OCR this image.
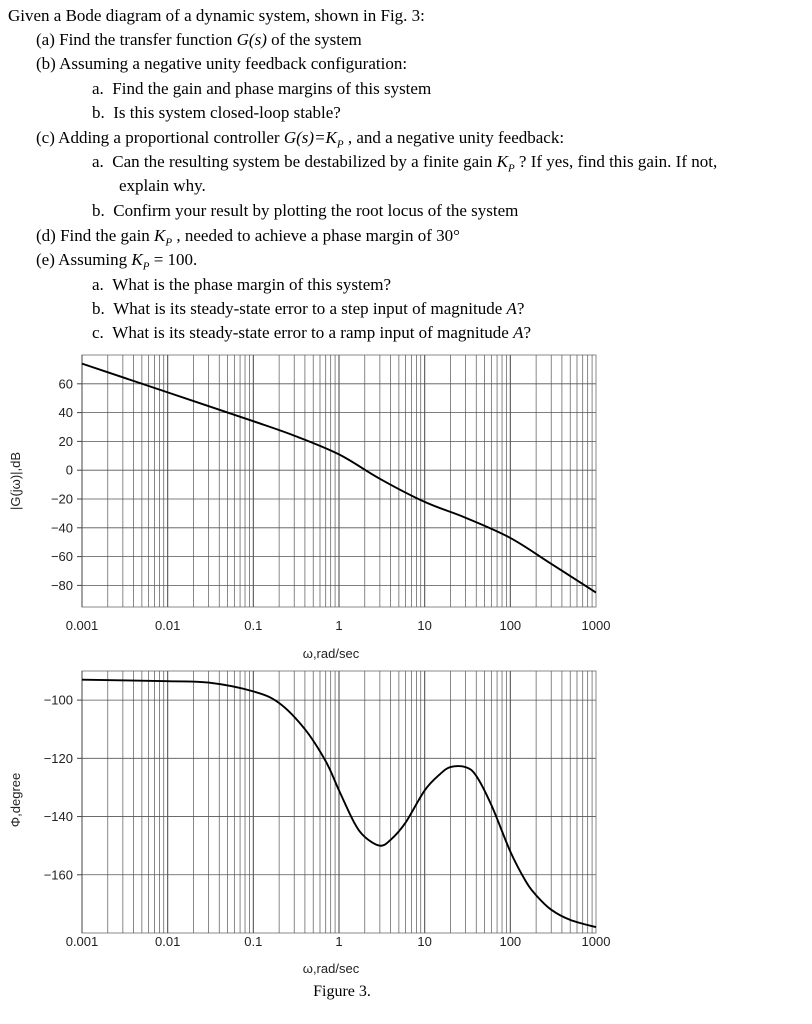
Given a Bode diagram of a dynamic system, shown in Fig. 3:
(a) Find the transfer function G(s) of the system
(b) Assuming a negative unity feedback configuration:
a. Find the gain and phase margins of this system
b. Is this system closed-loop stable?
(c) Adding a proportional controller $G(s)=K_P$ , and a negative unity feedback:
a. Can the resulting system be destabilized by a finite gain $K_P$ ? If yes, find this gain. If not,
explain why.
b. Confirm your result by plotting the root locus of the system
(d) Find the gain $K_P$ , needed to achieve a phase margin of 30°
(e) Assuming $K_P = 100$.
a. What is the phase margin of this system?
b. What is its steady-state error to a step input of magnitude A?
c. What is its steady-state error to a ramp input of magnitude A?
60
40
20
0
−20
−40
−60
−80
0.001	0.01	0.1	1	10	100	1000
ω,rad/sec
|G(jω)|,dB
−100
−120
−140
−160
0.001	0.01	0.1	1	10	100	1000
ω,rad/sec
Φ,degree
Figure 3.
